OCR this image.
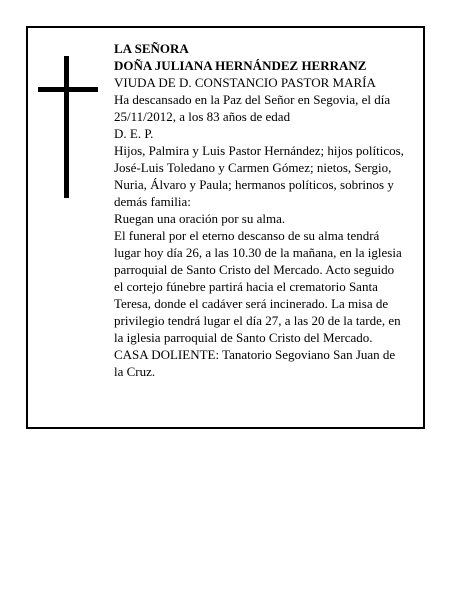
LA SEÑORA
DOÑA JULIANA HERNÁNDEZ HERRANZ
VIUDA DE D. CONSTANCIO PASTOR MARÍA
Ha descansado en la Paz del Señor en Segovia, el día
25/11/2012, a los 83 años de edad
D. E. P.
Hijos, Palmira y Luis Pastor Hernández; hijos políticos,
José-Luis Toledano y Carmen Gómez; nietos, Sergio,
Nuria, Álvaro y Paula; hermanos políticos, sobrinos y
demás familia:
Ruegan una oración por su alma.
El funeral por el eterno descanso de su alma tendrá
lugar hoy día 26, a las 10.30 de la mañana, en la iglesia
parroquial de Santo Cristo del Mercado. Acto seguido
el cortejo fúnebre partirá hacia el crematorio Santa
Teresa, donde el cadáver será incinerado. La misa de
privilegio tendrá lugar el día 27, a las 20 de la tarde, en
la iglesia parroquial de Santo Cristo del Mercado.
CASA DOLIENTE: Tanatorio Segoviano San Juan de
la Cruz.
